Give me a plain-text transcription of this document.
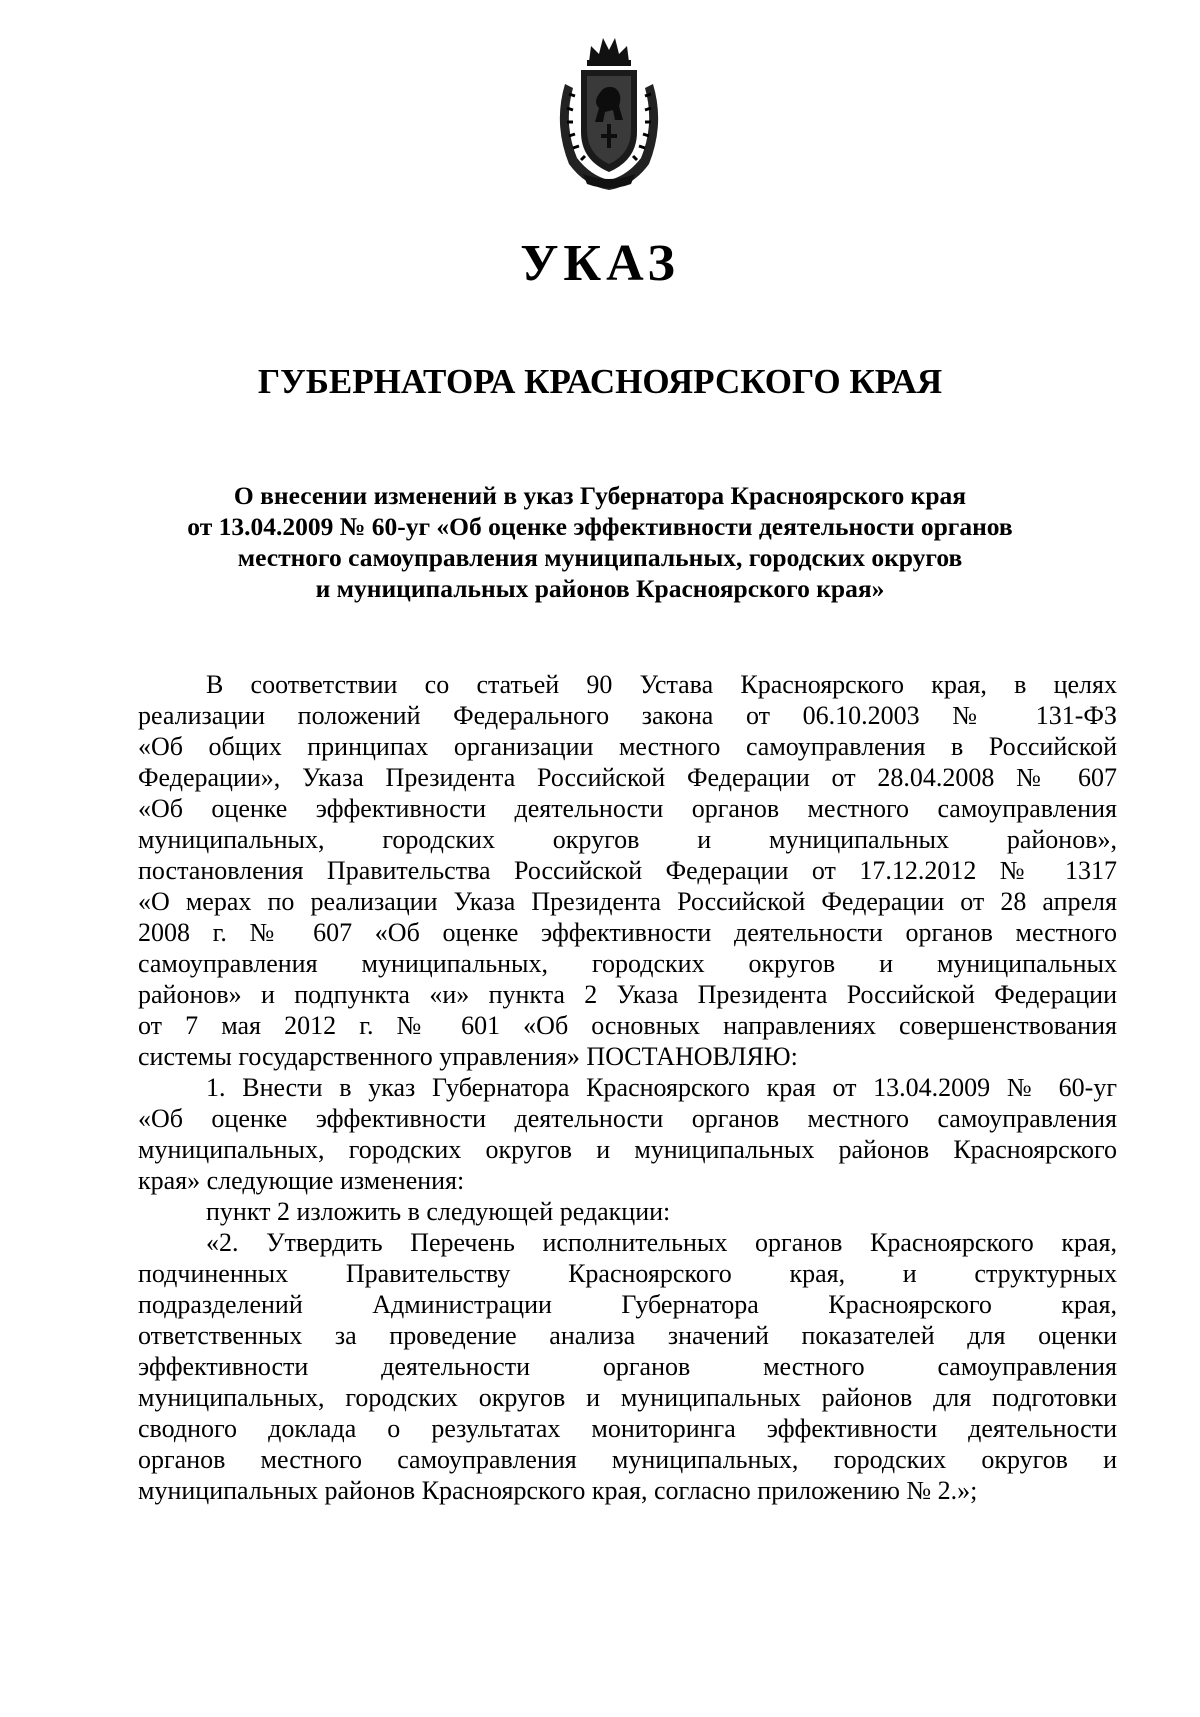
УКАЗ
ГУБЕРНАТОРА КРАСНОЯРСКОГО КРАЯ
О внесении изменений в указ Губернатора Красноярского края
от 13.04.2009 № 60-уг «Об оценке эффективности деятельности органов
местного самоуправления муниципальных, городских округов
и муниципальных районов Красноярского края»

В соответствии со статьей 90 Устава Красноярского края, в целях
реализации положений Федерального закона от 06.10.2003 № 131-ФЗ
«Об общих принципах организации местного самоуправления в Российской
Федерации», Указа Президента Российской Федерации от 28.04.2008 № 607
«Об оценке эффективности деятельности органов местного самоуправления
муниципальных, городских округов и муниципальных районов»,
постановления Правительства Российской Федерации от 17.12.2012 № 1317
«О мерах по реализации Указа Президента Российской Федерации от 28 апреля
2008 г. № 607 «Об оценке эффективности деятельности органов местного
самоуправления муниципальных, городских округов и муниципальных
районов» и подпункта «и» пункта 2 Указа Президента Российской Федерации
от 7 мая 2012 г. № 601 «Об основных направлениях совершенствования
системы государственного управления» ПОСТАНОВЛЯЮ:

1. Внести в указ Губернатора Красноярского края от 13.04.2009 № 60-уг
«Об оценке эффективности деятельности органов местного самоуправления
муниципальных, городских округов и муниципальных районов Красноярского
края» следующие изменения:

пункт 2 изложить в следующей редакции:

«2. Утвердить Перечень исполнительных органов Красноярского края,
подчиненных Правительству Красноярского края, и структурных
подразделений Администрации Губернатора Красноярского края,
ответственных за проведение анализа значений показателей для оценки
эффективности деятельности органов местного самоуправления
муниципальных, городских округов и муниципальных районов для подготовки
сводного доклада о результатах мониторинга эффективности деятельности
органов местного самоуправления муниципальных, городских округов и
муниципальных районов Красноярского края, согласно приложению № 2.»;
